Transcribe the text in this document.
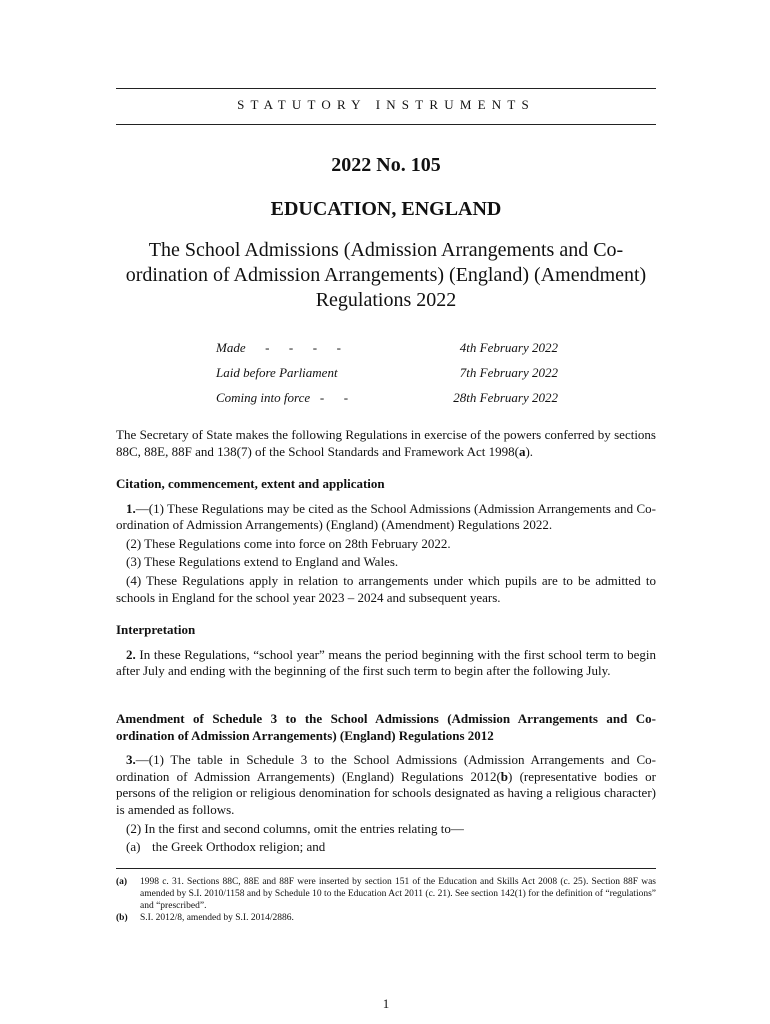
STATUTORY INSTRUMENTS
2022 No. 105
EDUCATION, ENGLAND
The School Admissions (Admission Arrangements and Co-ordination of Admission Arrangements) (England) (Amendment) Regulations 2022
Made      -      -      -      -	4th February 2022
Laid before Parliament	7th February 2022
Coming into force   -      -	28th February 2022

The Secretary of State makes the following Regulations in exercise of the powers conferred by sections 88C, 88E, 88F and 138(7) of the School Standards and Framework Act 1998(a).

Citation, commencement, extent and application

1.—(1) These Regulations may be cited as the School Admissions (Admission Arrangements and Co-ordination of Admission Arrangements) (England) (Amendment) Regulations 2022.

(2) These Regulations come into force on 28th February 2022.

(3) These Regulations extend to England and Wales.

(4) These Regulations apply in relation to arrangements under which pupils are to be admitted to schools in England for the school year 2023 – 2024 and subsequent years.

Interpretation

2. In these Regulations, “school year” means the period beginning with the first school term to begin after July and ending with the beginning of the first such term to begin after the following July.

Amendment of Schedule 3 to the School Admissions (Admission Arrangements and Co-ordination of Admission Arrangements) (England) Regulations 2012

3.—(1) The table in Schedule 3 to the School Admissions (Admission Arrangements and Co-ordination of Admission Arrangements) (England) Regulations 2012(b) (representative bodies or persons of the religion or religious denomination for schools designated as having a religious character) is amended as follows.

(2) In the first and second columns, omit the entries relating to—

(a) the Greek Orthodox religion; and

(a) 1998 c. 31. Sections 88C, 88E and 88F were inserted by section 151 of the Education and Skills Act 2008 (c. 25). Section 88F was amended by S.I. 2010/1158 and by Schedule 10 to the Education Act 2011 (c. 21). See section 142(1) for the definition of “regulations” and “prescribed”.
(b) S.I. 2012/8, amended by S.I. 2014/2886.
1
